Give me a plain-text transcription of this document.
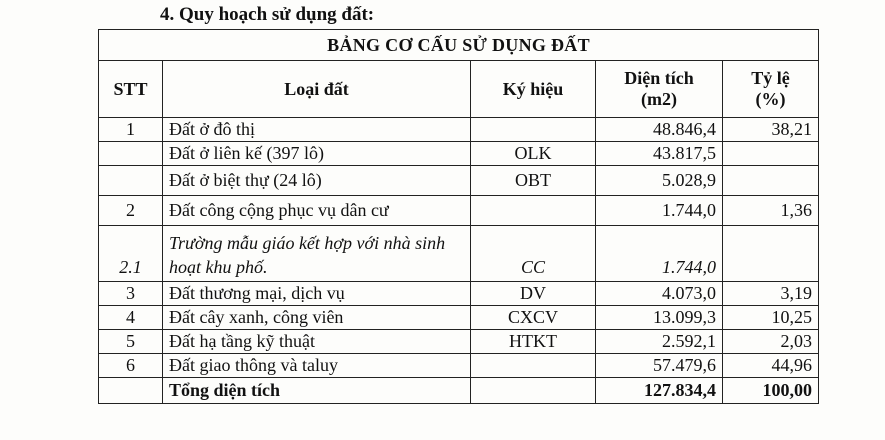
4. Quy hoạch sử dụng đất:
BẢNG CƠ CẤU SỬ DỤNG ĐẤT				
STT	Loại đất	Ký hiệu	Diện tích (m2)	Tỷ lệ (%)
1	Đất ở đô thị		48.846,4	38,21
	Đất ở liên kế (397 lô)	OLK	43.817,5	
	Đất ở biệt thự (24 lô)	OBT	5.028,9	
2	Đất công cộng phục vụ dân cư		1.744,0	1,36
2.1	Trường mẫu giáo kết hợp với nhà sinh hoạt khu phố.	CC	1.744,0	
3	Đất thương mại, dịch vụ	DV	4.073,0	3,19
4	Đất cây xanh, công viên	CXCV	13.099,3	10,25
5	Đất hạ tầng kỹ thuật	HTKT	2.592,1	2,03
6	Đất giao thông và taluy		57.479,6	44,96
	Tổng diện tích		127.834,4	100,00
